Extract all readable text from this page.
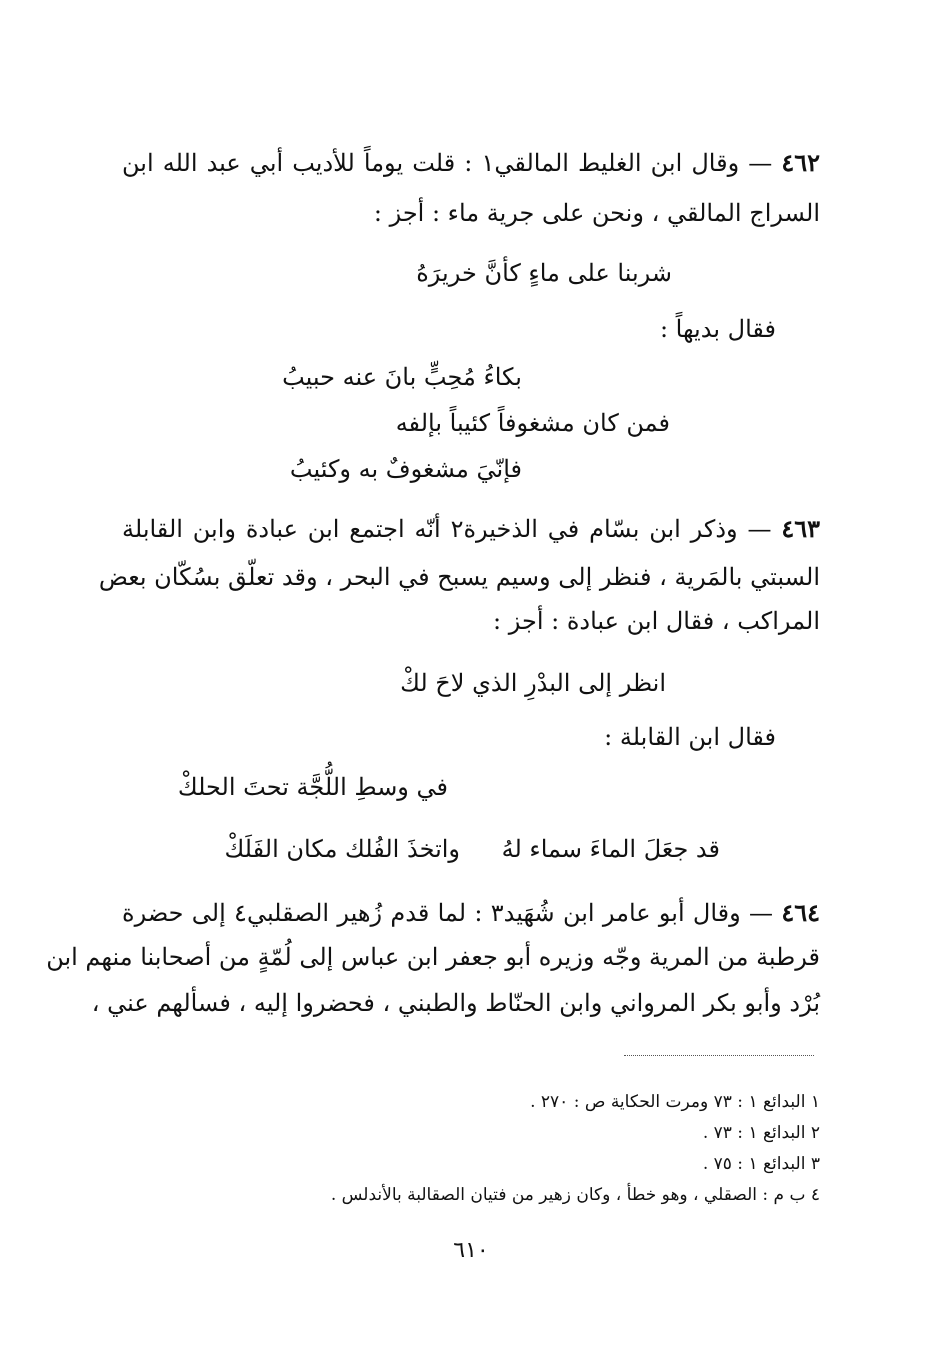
٤٦٢ — وقال ابن الغليط المالقي١ : قلت يوماً للأديب أبي عبد الله ابن
السراج المالقي ، ونحن على جرية ماء : أجز :
شربنا على ماءٍ كأنَّ خريرَهُ
فقال بديهاً :
بكاءُ مُحِبٍّ بانَ عنه حبيبُ
فمن كان مشغوفاً كئيباً بإلفه
فإنّيَ مشغوفٌ به وكئيبُ
٤٦٣ — وذكر ابن بسّام في الذخيرة٢ أنّه اجتمع ابن عبادة وابن القابلة
السبتي بالمَرية ، فنظر إلى وسيم يسبح في البحر ، وقد تعلّق بسُكّان بعض
المراكب ، فقال ابن عبادة : أجز :
انظر إلى البدْرِ الذي لاحَ لكْ
فقال ابن القابلة :
في وسطِ اللُّجَّة تحتَ الحلكْ
قد جعَلَ الماءَ سماء لهُ
واتخذَ الفُلك مكان الفَلَكْ
٤٦٤ — وقال أبو عامر ابن شُهَيد٣ : لما قدم زُهير الصقلبي٤ إلى حضرة
قرطبة من المرية وجّه وزيره أبو جعفر ابن عباس إلى لُمّةٍ من أصحابنا منهم ابن
بُرْد وأبو بكر المرواني وابن الحنّاط والطبني ، فحضروا إليه ، فسألهم عني ،
١ البدائع ١ : ٧٣ ومرت الحكاية ص : ٢٧٠ .
٢ البدائع ١ : ٧٣ .
٣ البدائع ١ : ٧٥ .
٤ ب م : الصقلي ، وهو خطأ ، وكان زهير من فتيان الصقالبة بالأندلس .
٦١٠
